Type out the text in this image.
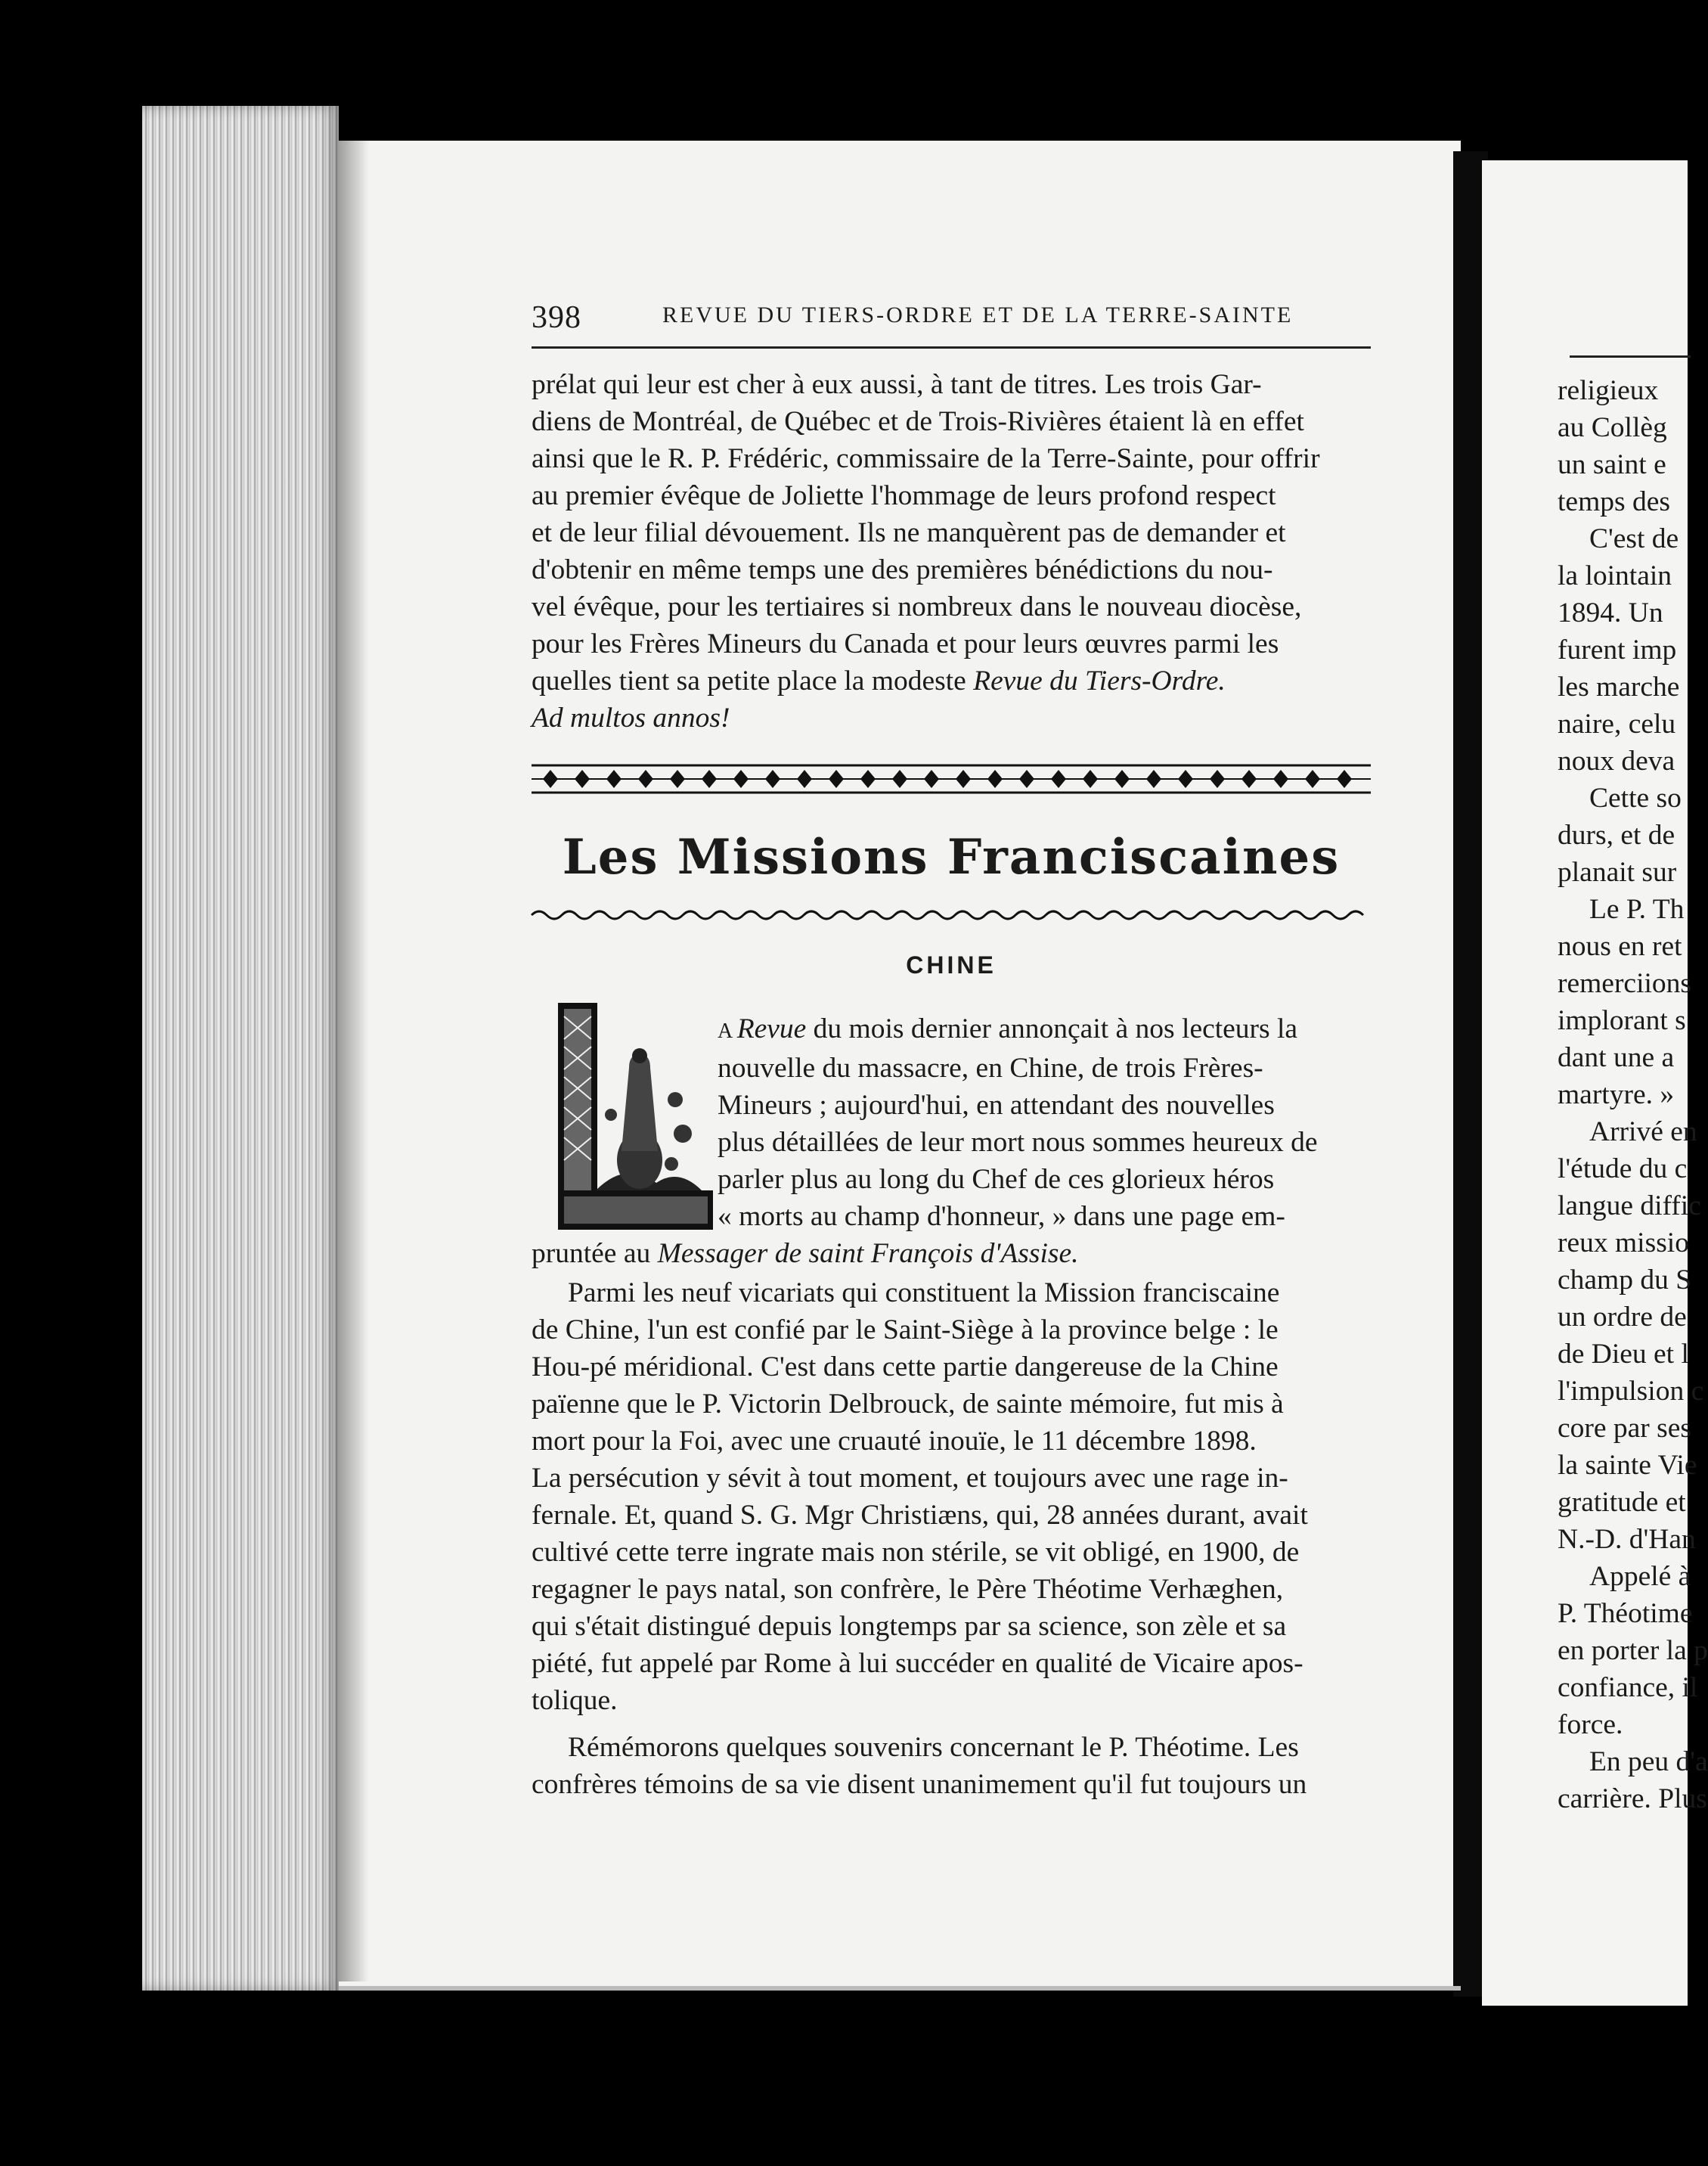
398	REVUE DU TIERS-ORDRE ET DE LA TERRE-SAINTE

prélat qui leur est cher à eux aussi, à tant de titres. Les trois Gar-

diens de Montréal, de Québec et de Trois-Rivières étaient là en effet

ainsi que le R. P. Frédéric, commissaire de la Terre-Sainte, pour offrir

au premier évêque de Joliette l'hommage de leurs profond respect

et de leur filial dévouement. Ils ne manquèrent pas de demander et

d'obtenir en même temps une des premières bénédictions du nou-

vel évêque, pour les tertiaires si nombreux dans le nouveau diocèse,

pour les Frères Mineurs du Canada et pour leurs œuvres parmi les

quelles tient sa petite place la modeste Revue du Tiers-Ordre.

Ad multos annos!

Les Missions Franciscaines
CHINE
A Revue du mois dernier annonçait à nos lecteurs la
nouvelle du massacre, en Chine, de trois Frères-
Mineurs ; aujourd'hui, en attendant des nouvelles
plus détaillées de leur mort nous sommes heureux de
parler plus au long du Chef de ces glorieux héros
« morts au champ d'honneur, » dans une page em-
pruntée au Messager de saint François d'Assise.

Parmi les neuf vicariats qui constituent la Mission franciscaine

de Chine, l'un est confié par le Saint-Siège à la province belge : le

Hou-pé méridional. C'est dans cette partie dangereuse de la Chine

païenne que le P. Victorin Delbrouck, de sainte mémoire, fut mis à

mort pour la Foi, avec une cruauté inouïe, le 11 décembre 1898.

La persécution y sévit à tout moment, et toujours avec une rage in-

fernale. Et, quand S. G. Mgr Christiæns, qui, 28 années durant, avait

cultivé cette terre ingrate mais non stérile, se vit obligé, en 1900, de

regagner le pays natal, son confrère, le Père Théotime Verhæghen,

qui s'était distingué depuis longtemps par sa science, son zèle et sa

piété, fut appelé par Rome à lui succéder en qualité de Vicaire apos-

tolique.

Rémémorons quelques souvenirs concernant le P. Théotime. Les

confrères témoins de sa vie disent unanimement qu'il fut toujours un

religieux
au Collèg
un saint e
temps des
C'est de
la lointain
1894. Un
furent imp
les marche
naire, celu
noux deva
Cette so
durs, et de
planait sur
Le P. Th
nous en ret
remerciions
implorant s
dant une a
martyre. »
Arrivé en
l'étude du c
langue diffic
reux missio
champ du S
un ordre de
de Dieu et l
l'impulsion c
core par ses
la sainte Vie
gratitude et
N.-D. d'Han
Appelé à
P. Théotime
en porter la p
confiance, il
force.
En peu d'a
carrière. Plus
